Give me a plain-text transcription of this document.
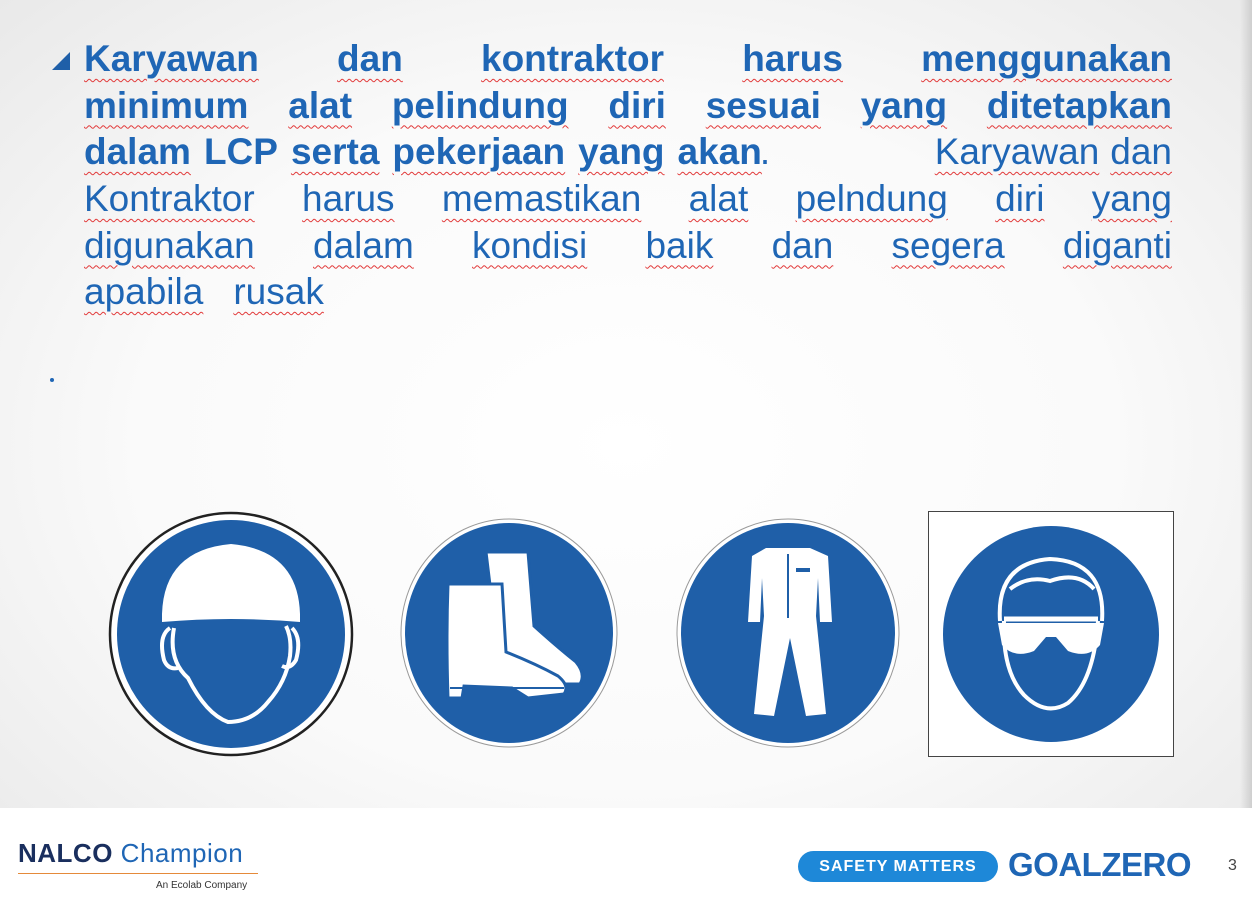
Karyawan dan kontraktor harus menggunakan
minimum alat pelindung diri sesuai yang ditetapkan
dalam LCP serta pekerjaan yang akan
.	Karyawan dan
Kontraktor harus memastikan alat pelndung diri yang
digunakan dalam kondisi baik dan segera diganti
apabila rusak
NALCO Champion
An Ecolab Company
SAFETY MATTERS GOALZERO 3
